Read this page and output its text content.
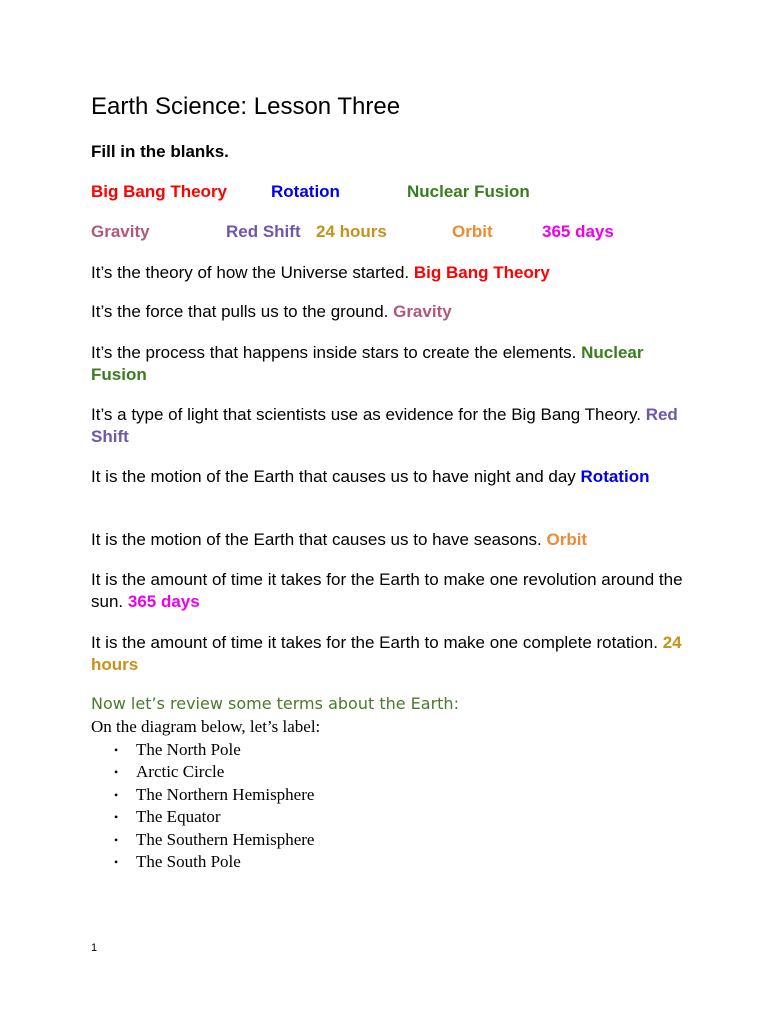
Earth Science: Lesson Three
Fill in the blanks.
Big Bang Theory	Rotation	Nuclear Fusion
Gravity	Red Shift 24 hours	Orbit	365 days
It’s the theory of how the Universe started. Big Bang Theory
It’s the force that pulls us to the ground. Gravity
It’s the process that happens inside stars to create the elements. Nuclear Fusion
It’s a type of light that scientists use as evidence for the Big Bang Theory. Red Shift
It is the motion of the Earth that causes us to have night and day Rotation
It is the motion of the Earth that causes us to have seasons. Orbit
It is the amount of time it takes for the Earth to make one revolution around the sun. 365 days
It is the amount of time it takes for the Earth to make one complete rotation. 24 hours
Now let’s review some terms about the Earth:
On the diagram below, let’s label:
• The North Pole
• Arctic Circle
• The Northern Hemisphere
• The Equator
• The Southern Hemisphere
• The South Pole
1
